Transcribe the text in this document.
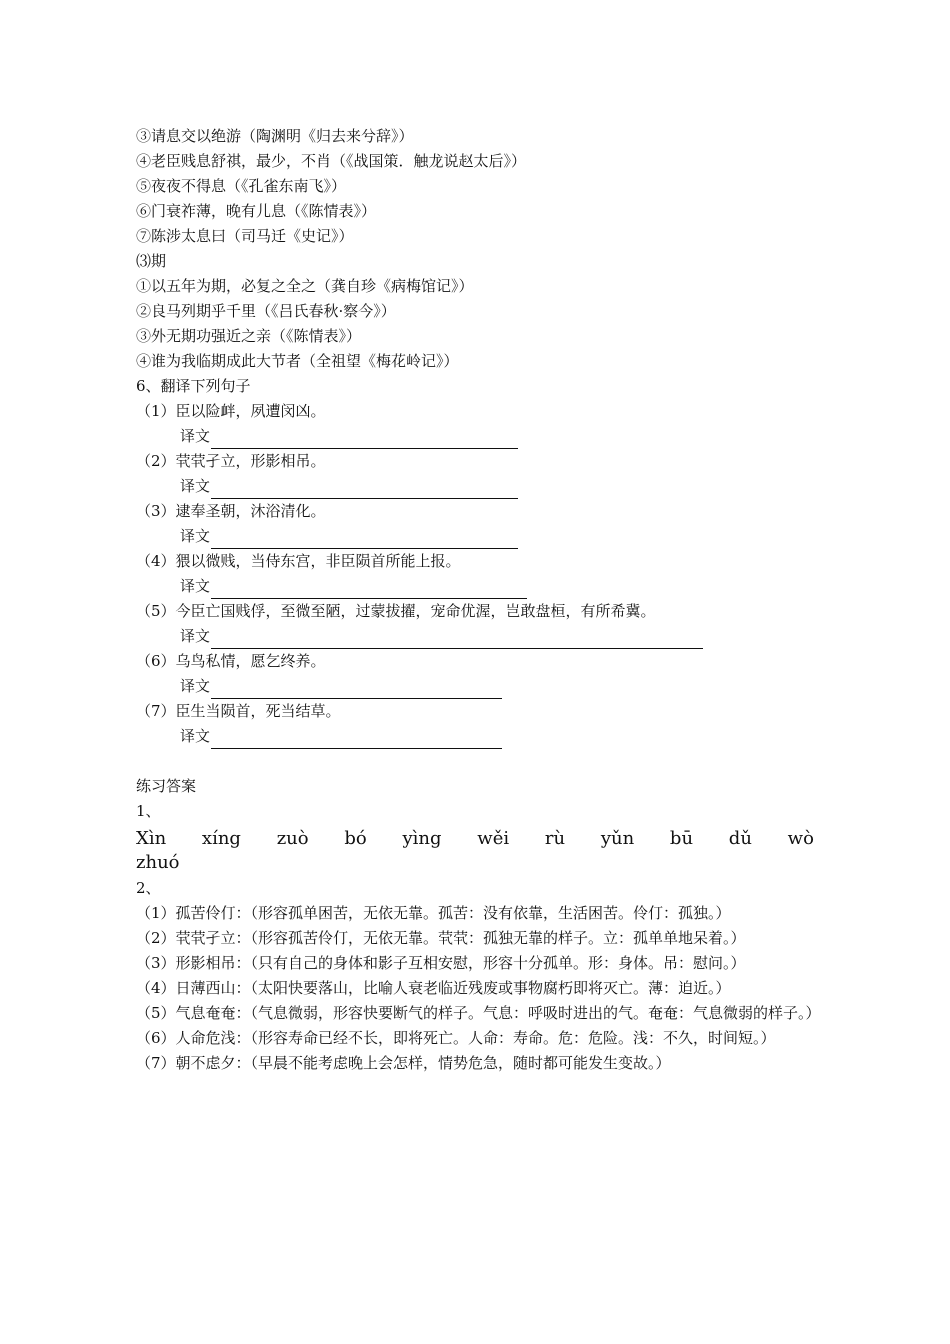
③请息交以绝游（陶渊明《归去来兮辞》）
④老臣贱息舒祺，最少，不肖（《战国策．触龙说赵太后》）
⑤夜夜不得息（《孔雀东南飞》）
⑥门衰祚薄，晚有儿息（《陈情表》）
⑦陈涉太息曰（司马迁《史记》）
⑶期
①以五年为期，必复之全之（龚自珍《病梅馆记》）
②良马列期乎千里（《吕氏春秋·察今》）
③外无期功强近之亲（《陈情表》）
④谁为我临期成此大节者（全祖望《梅花岭记》）
6、翻译下列句子
（1）臣以险衅，夙遭闵凶。
译文
（2）茕茕孑立，形影相吊。
译文
（3）逮奉圣朝，沐浴清化。
译文
（4）猥以微贱，当侍东宫，非臣陨首所能上报。
译文
（5）今臣亡国贱俘，至微至陋，过蒙拔擢，宠命优渥，岂敢盘桓，有所希冀。
译文
（6）乌鸟私情，愿乞终养。
译文
（7）臣生当陨首，死当结草。
译文
练习答案
1、
Xìn xíng zuò bó yìng wěi rù yǔn bū dǔ wò
zhuó
2、

（1）孤苦伶仃：（形容孤单困苦，无依无靠。孤苦：没有依靠，生活困苦。伶仃：孤独。）

（2）茕茕孑立：（形容孤苦伶仃，无依无靠。茕茕：孤独无靠的样子。立：孤单单地呆着。）

（3）形影相吊：（只有自己的身体和影子互相安慰，形容十分孤单。形：身体。吊：慰问。）

（4）日薄西山：（太阳快要落山，比喻人衰老临近残废或事物腐朽即将灭亡。薄：迫近。）

（5）气息奄奄：（气息微弱，形容快要断气的样子。气息：呼吸时进出的气。奄奄：气息微弱的样子。）

（6）人命危浅：（形容寿命已经不长，即将死亡。人命：寿命。危：危险。浅：不久，时间短。）

（7）朝不虑夕：（早晨不能考虑晚上会怎样，情势危急，随时都可能发生变故。）
